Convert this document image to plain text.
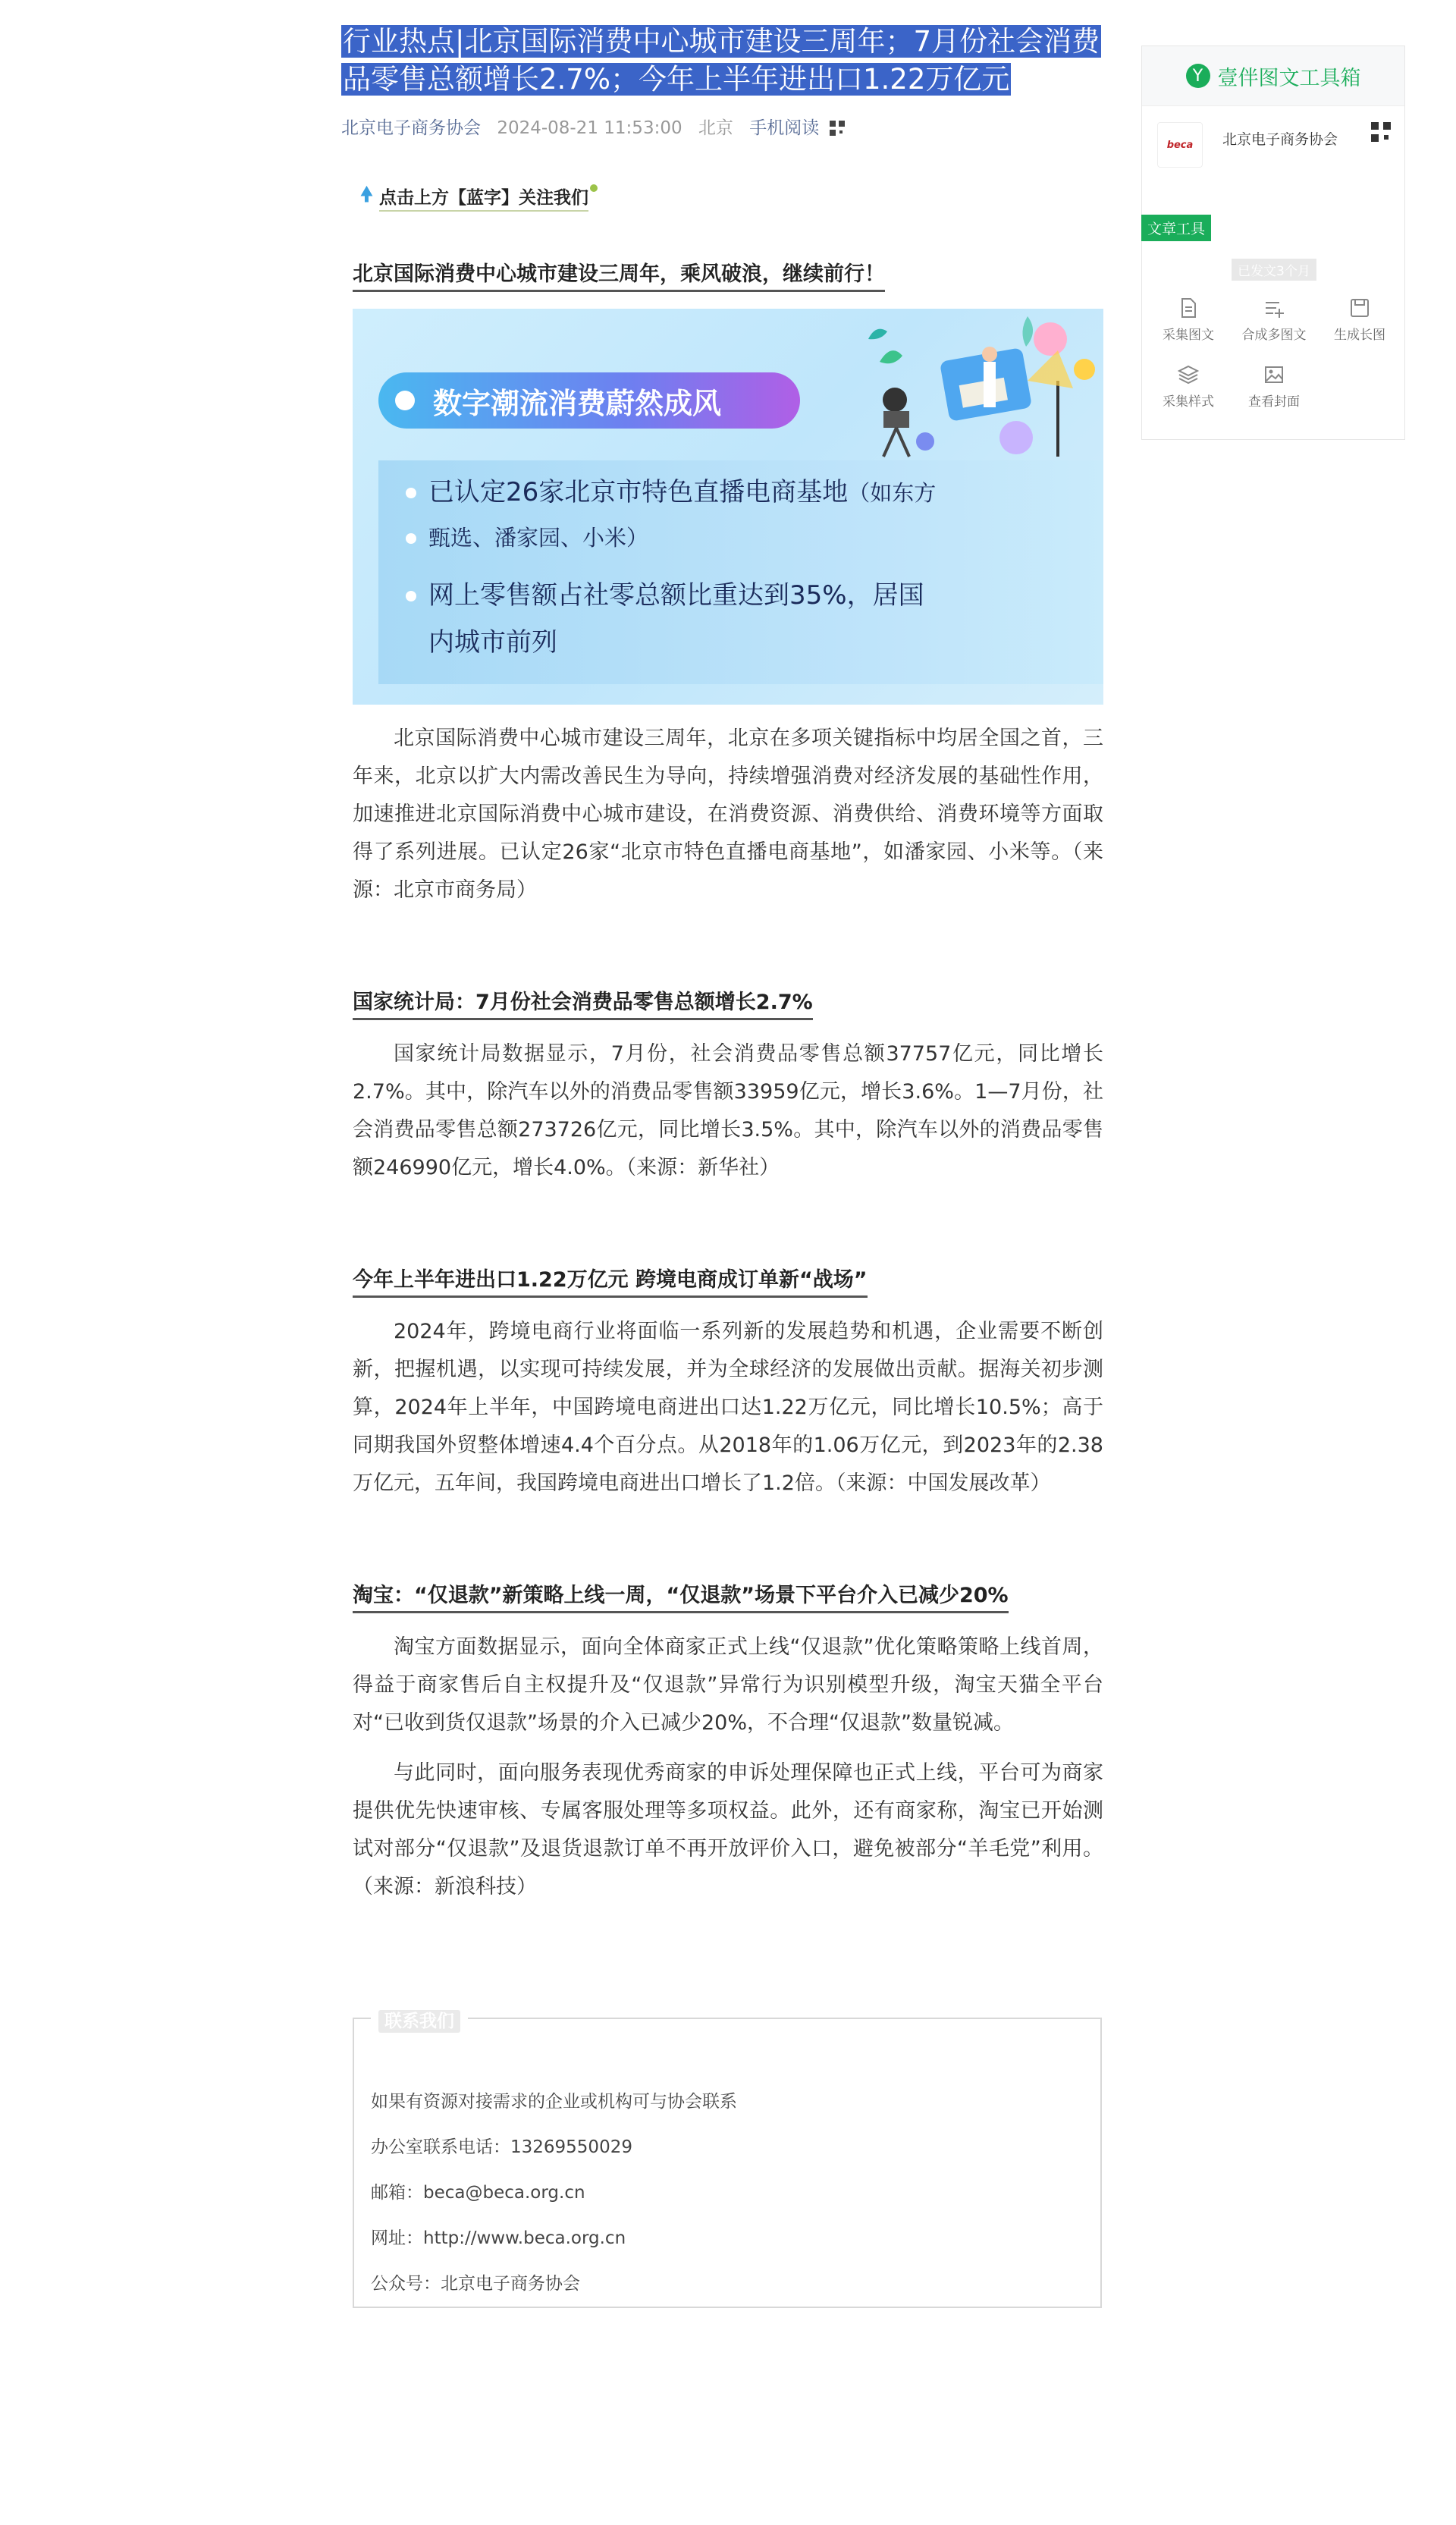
行业热点|北京国际消费中心城市建设三周年；7月份社会消费品零售总额增长2.7%；今年上半年进出口1.22万亿元
北京电子商务协会 2024-08-21 11:53:00 北京 手机阅读
🠝 点击上方【蓝字】关注我们
北京国际消费中心城市建设三周年，乘风破浪，继续前行！
数字潮流消费蔚然成风
已认定26家北京市特色直播电商基地（如东方
甄选、潘家园、小米）
网上零售额占社零总额比重达到35%，居国
内城市前列

北京国际消费中心城市建设三周年，北京在多项关键指标中均居全国之首，三年来，北京以扩大内需改善民生为导向，持续增强消费对经济发展的基础性作用，加速推进北京国际消费中心城市建设，在消费资源、消费供给、消费环境等方面取得了系列进展。已认定26家“北京市特色直播电商基地”，如潘家园、小米等。（来源：北京市商务局）

国家统计局：7月份社会消费品零售总额增长2.7%

国家统计局数据显示，7月份，社会消费品零售总额37757亿元，同比增长2.7%。其中，除汽车以外的消费品零售额33959亿元，增长3.6%。1—7月份，社会消费品零售总额273726亿元，同比增长3.5%。其中，除汽车以外的消费品零售额246990亿元，增长4.0%。（来源：新华社）

今年上半年进出口1.22万亿元 跨境电商成订单新“战场”

2024年，跨境电商行业将面临一系列新的发展趋势和机遇，企业需要不断创新，把握机遇，以实现可持续发展，并为全球经济的发展做出贡献。据海关初步测算，2024年上半年，中国跨境电商进出口达1.22万亿元，同比增长10.5%；高于同期我国外贸整体增速4.4个百分点。从2018年的1.06万亿元，到2023年的2.38万亿元，五年间，我国跨境电商进出口增长了1.2倍。（来源：中国发展改革）

淘宝：“仅退款”新策略上线一周，“仅退款”场景下平台介入已减少20%

淘宝方面数据显示，面向全体商家正式上线“仅退款”优化策略策略上线首周，得益于商家售后自主权提升及“仅退款”异常行为识别模型升级，淘宝天猫全平台对“已收到货仅退款”场景的介入已减少20%，不合理“仅退款”数量锐减。

与此同时，面向服务表现优秀商家的申诉处理保障也正式上线，平台可为商家提供优先快速审核、专属客服处理等多项权益。此外，还有商家称，淘宝已开始测试对部分“仅退款”及退货退款订单不再开放评价入口，避免被部分“羊毛党”利用。（来源：新浪科技）

联系我们
如果有资源对接需求的企业或机构可与协会联系
办公室联系电话：13269550029
邮箱：beca@beca.org.cn
网址：http://www.beca.org.cn
公众号：北京电子商务协会
Y 壹伴图文工具箱
beca	北京电子商务协会
文章工具
已发文3个月
采集图文	合成多图文	生成长图
采集样式	查看封面
